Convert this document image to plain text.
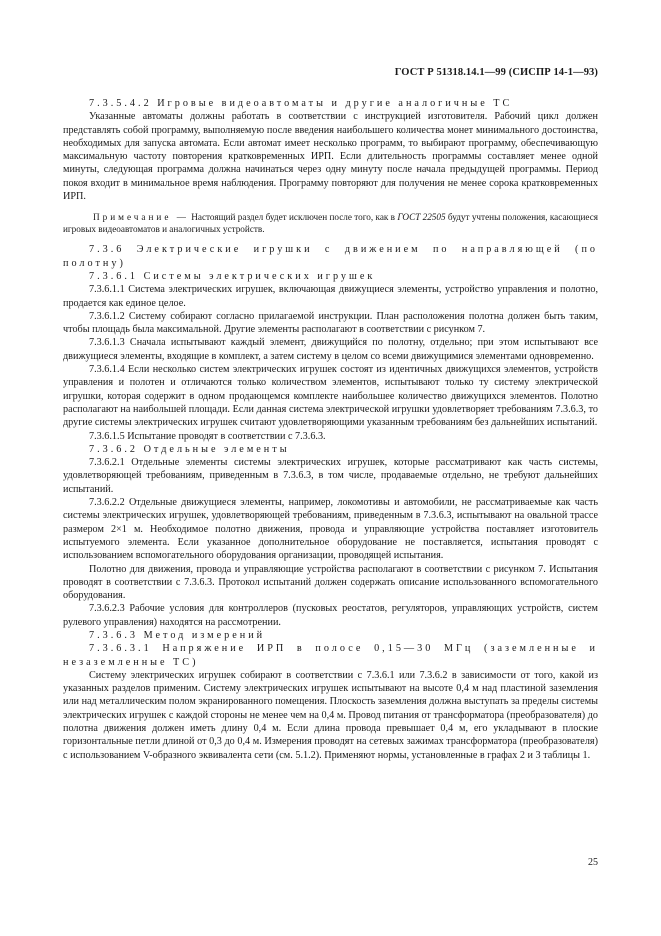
ГОСТ Р 51318.14.1—99 (СИСПР 14-1—93)

7.3.5.4.2 Игровые видеоавтоматы и другие аналогичные ТС

Указанные автоматы должны работать в соответствии с инструкцией изготовителя. Рабочий цикл должен представлять собой программу, выполняемую после введения наибольшего количества монет минимального достоинства, необходимых для запуска автомата. Если автомат имеет несколько программ, то выбирают программу, обеспечивающую максимальную частоту повторения кратковременных ИРП. Если длительность программы составляет менее одной минуты, следующая программа должна начинаться через одну минуту после начала предыдущей программы. Период покоя входит в минимальное время наблюдения. Программу повторяют для получения не менее сорока кратковременных ИРП.

Примечание — Настоящий раздел будет исключен после того, как в ГОСТ 22505 будут учтены положения, касающиеся игровых видеоавтоматов и аналогичных устройств.

7.3.6 Электрические игрушки с движением по направляющей (по полотну)

7.3.6.1 Системы электрических игрушек

7.3.6.1.1 Система электрических игрушек, включающая движущиеся элементы, устройство управления и полотно, продается как единое целое.

7.3.6.1.2 Систему собирают согласно прилагаемой инструкции. План расположения полотна должен быть таким, чтобы площадь была максимальной. Другие элементы располагают в соответствии с рисунком 7.

7.3.6.1.3 Сначала испытывают каждый элемент, движущийся по полотну, отдельно; при этом испытывают все движущиеся элементы, входящие в комплект, а затем систему в целом со всеми движущимися элементами одновременно.

7.3.6.1.4 Если несколько систем электрических игрушек состоят из идентичных движущихся элементов, устройств управления и полотен и отличаются только количеством элементов, испытывают только ту систему электрической игрушки, которая содержит в одном продающемся комплекте наибольшее количество движущихся элементов. Полотно располагают на наибольшей площади. Если данная система электрической игрушки удовлетворяет требованиям 7.3.6.3, то другие системы электрических игрушек считают удовлетворяющими указанным требованиям без дальнейших испытаний.

7.3.6.1.5 Испытание проводят в соответствии с 7.3.6.3.

7.3.6.2 Отдельные элементы

7.3.6.2.1 Отдельные элементы системы электрических игрушек, которые рассматривают как часть системы, удовлетворяющей требованиям, приведенным в 7.3.6.3, в том числе, продаваемые отдельно, не требуют дальнейших испытаний.

7.3.6.2.2 Отдельные движущиеся элементы, например, локомотивы и автомобили, не рассматриваемые как часть системы электрических игрушек, удовлетворяющей требованиям, приведенным в 7.3.6.3, испытывают на овальной трассе размером 2×1 м. Необходимое полотно движения, провода и управляющие устройства поставляет изготовитель испытуемого элемента. Если указанное дополнительное оборудование не поставляется, испытания проводят с использованием вспомогательного оборудования организации, проводящей испытания.

Полотно для движения, провода и управляющие устройства располагают в соответствии с рисунком 7. Испытания проводят в соответствии с 7.3.6.3. Протокол испытаний должен содержать описание использованного вспомогательного оборудования.

7.3.6.2.3 Рабочие условия для контроллеров (пусковых реостатов, регуляторов, управляющих устройств, систем рулевого управления) находятся на рассмотрении.

7.3.6.3 Метод измерений

7.3.6.3.1 Напряжение ИРП в полосе 0,15—30 МГц (заземленные и незаземленные ТС)

Систему электрических игрушек собирают в соответствии с 7.3.6.1 или 7.3.6.2 в зависимости от того, какой из указанных разделов применим. Систему электрических игрушек испытывают на высоте 0,4 м над пластиной заземления или над металлическим полом экранированного помещения. Плоскость заземления должна выступать за пределы системы электрических игрушек с каждой стороны не менее чем на 0,4 м. Провод питания от трансформатора (преобразователя) до полотна движения должен иметь длину 0,4 м. Если длина провода превышает 0,4 м, его укладывают в плоские горизонтальные петли длиной от 0,3 до 0,4 м. Измерения проводят на сетевых зажимах трансформатора (преобразователя) с использованием V-образного эквивалента сети (см. 5.1.2). Применяют нормы, установленные в графах 2 и 3 таблицы 1.

25
